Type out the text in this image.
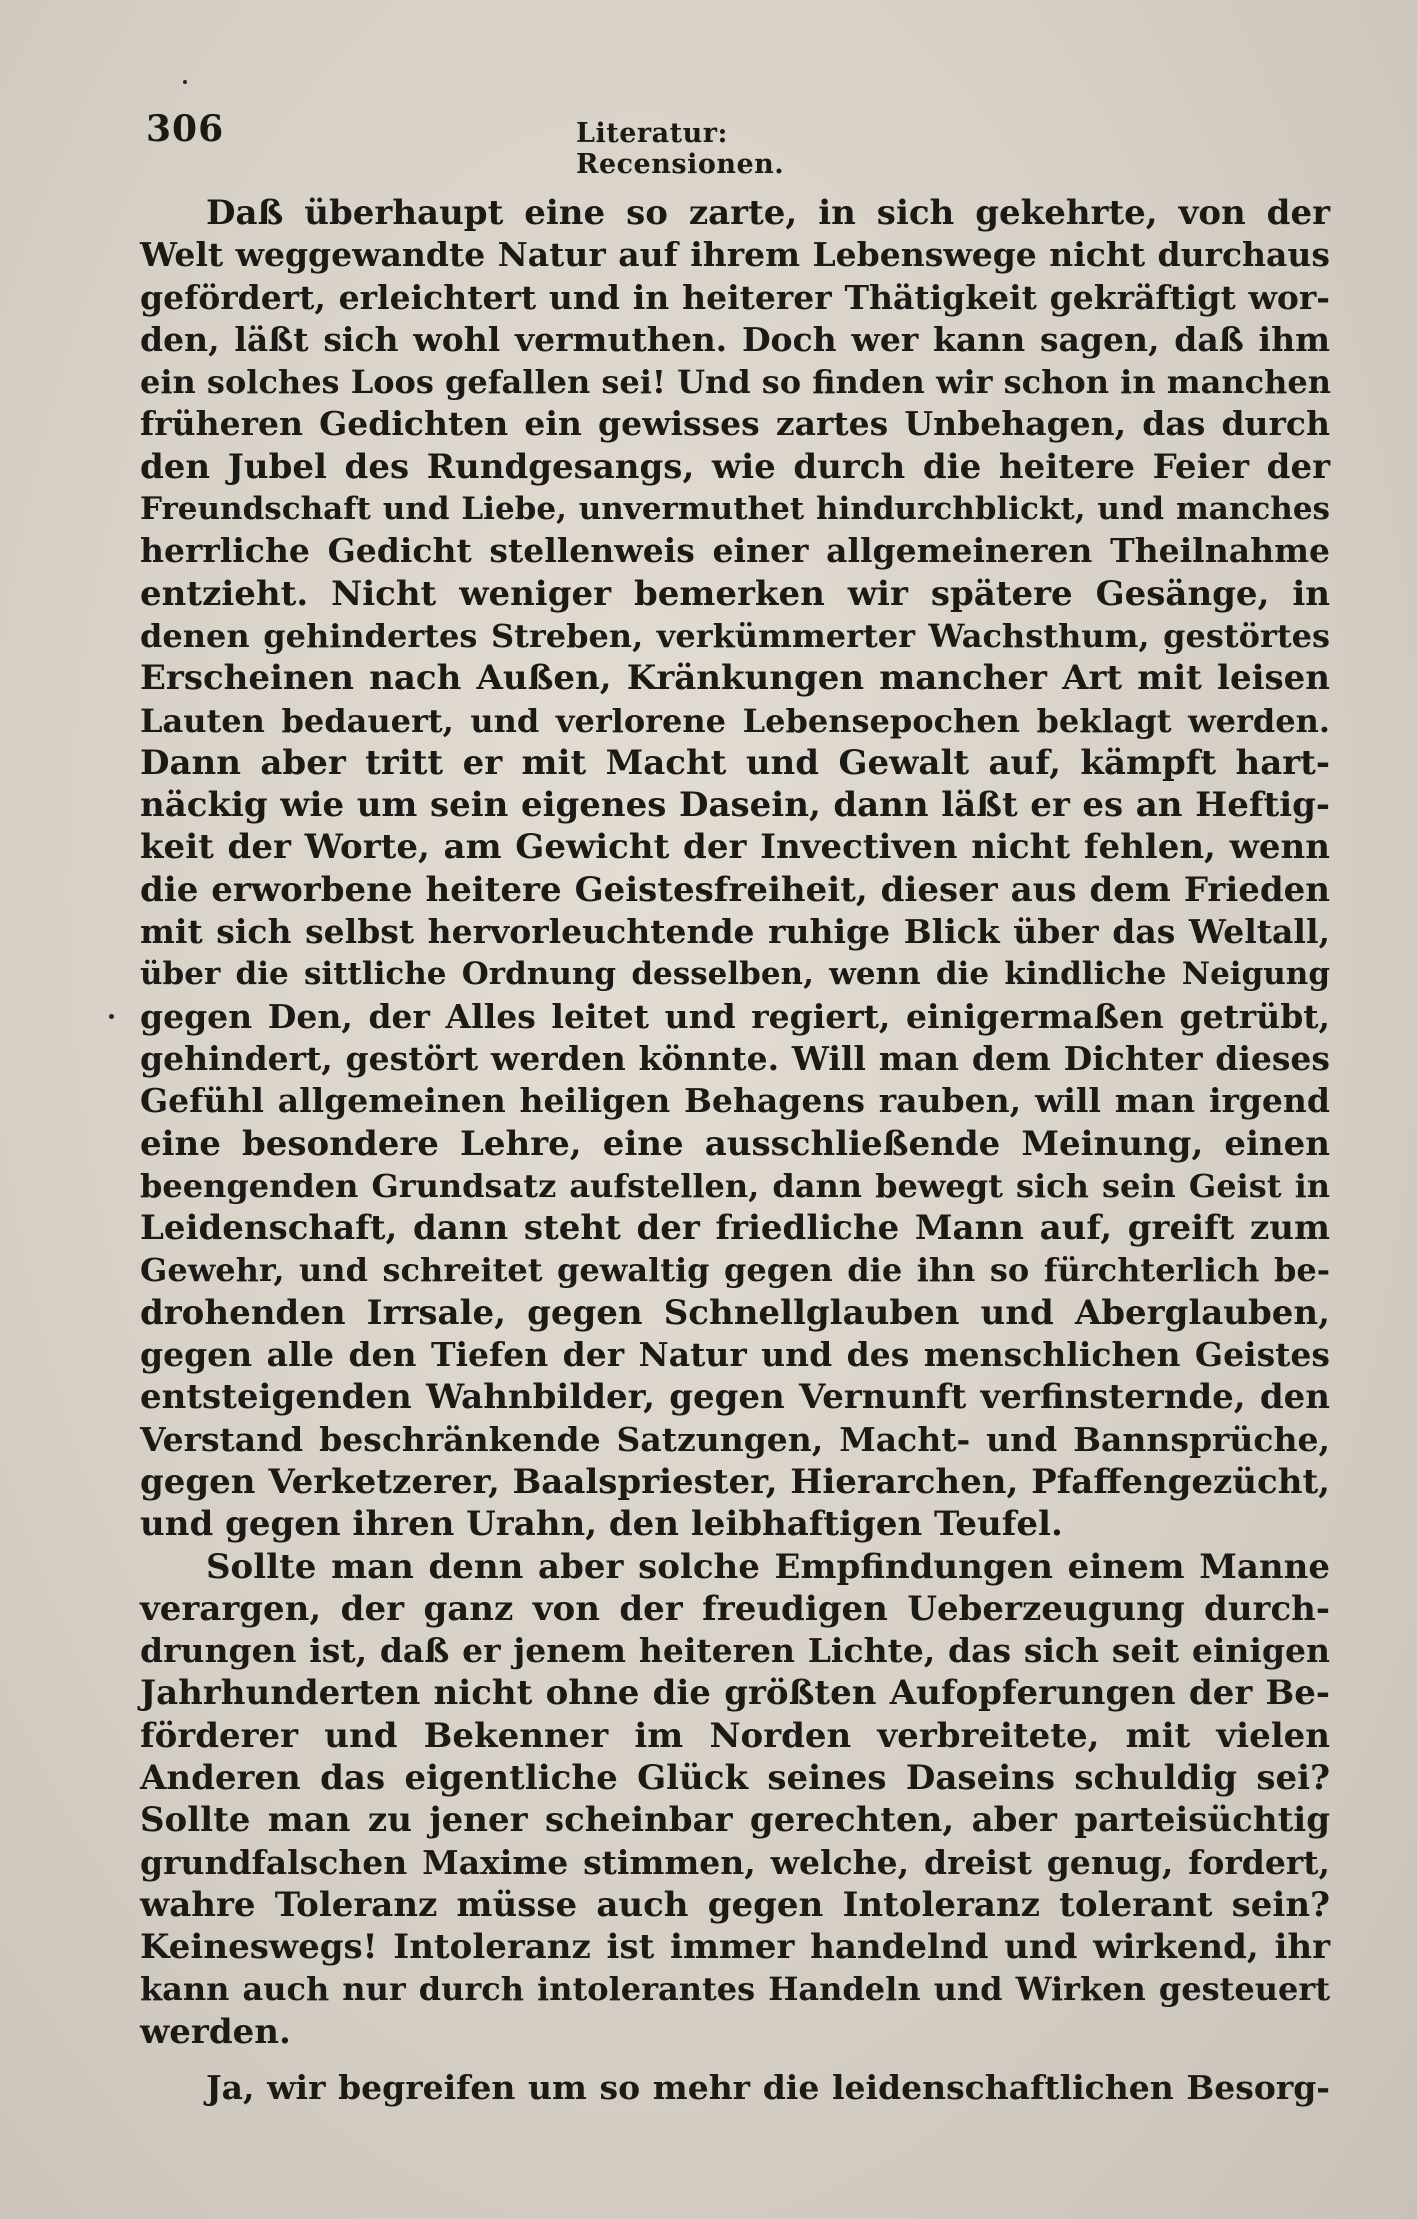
306	Literatur: Recensionen.
Daß überhaupt eine so zarte, in sich gekehrte, von der
Welt weggewandte Natur auf ihrem Lebenswege nicht durchaus
gefördert, erleichtert und in heiterer Thätigkeit gekräftigt wor-
den, läßt sich wohl vermuthen. Doch wer kann sagen, daß ihm
ein solches Loos gefallen sei! Und so finden wir schon in manchen
früheren Gedichten ein gewisses zartes Unbehagen, das durch
den Jubel des Rundgesangs, wie durch die heitere Feier der
Freundschaft und Liebe, unvermuthet hindurchblickt, und manches
herrliche Gedicht stellenweis einer allgemeineren Theilnahme
entzieht. Nicht weniger bemerken wir spätere Gesänge, in
denen gehindertes Streben, verkümmerter Wachsthum, gestörtes
Erscheinen nach Außen, Kränkungen mancher Art mit leisen
Lauten bedauert, und verlorene Lebensepochen beklagt werden.
Dann aber tritt er mit Macht und Gewalt auf, kämpft hart-
näckig wie um sein eigenes Dasein, dann läßt er es an Heftig-
keit der Worte, am Gewicht der Invectiven nicht fehlen, wenn
die erworbene heitere Geistesfreiheit, dieser aus dem Frieden
mit sich selbst hervorleuchtende ruhige Blick über das Weltall,
über die sittliche Ordnung desselben, wenn die kindliche Neigung
gegen Den, der Alles leitet und regiert, einigermaßen getrübt,
gehindert, gestört werden könnte. Will man dem Dichter dieses
Gefühl allgemeinen heiligen Behagens rauben, will man irgend
eine besondere Lehre, eine ausschließende Meinung, einen
beengenden Grundsatz aufstellen, dann bewegt sich sein Geist in
Leidenschaft, dann steht der friedliche Mann auf, greift zum
Gewehr, und schreitet gewaltig gegen die ihn so fürchterlich be-
drohenden Irrsale, gegen Schnellglauben und Aberglauben,
gegen alle den Tiefen der Natur und des menschlichen Geistes
entsteigenden Wahnbilder, gegen Vernunft verfinsternde, den
Verstand beschränkende Satzungen, Macht- und Bannsprüche,
gegen Verketzerer, Baalspriester, Hierarchen, Pfaffengezücht,
und gegen ihren Urahn, den leibhaftigen Teufel.
Sollte man denn aber solche Empfindungen einem Manne
verargen, der ganz von der freudigen Ueberzeugung durch-
drungen ist, daß er jenem heiteren Lichte, das sich seit einigen
Jahrhunderten nicht ohne die größten Aufopferungen der Be-
förderer und Bekenner im Norden verbreitete, mit vielen
Anderen das eigentliche Glück seines Daseins schuldig sei?
Sollte man zu jener scheinbar gerechten, aber parteisüchtig
grundfalschen Maxime stimmen, welche, dreist genug, fordert,
wahre Toleranz müsse auch gegen Intoleranz tolerant sein?
Keineswegs! Intoleranz ist immer handelnd und wirkend, ihr
kann auch nur durch intolerantes Handeln und Wirken gesteuert
werden.
Ja, wir begreifen um so mehr die leidenschaftlichen Besorg-
